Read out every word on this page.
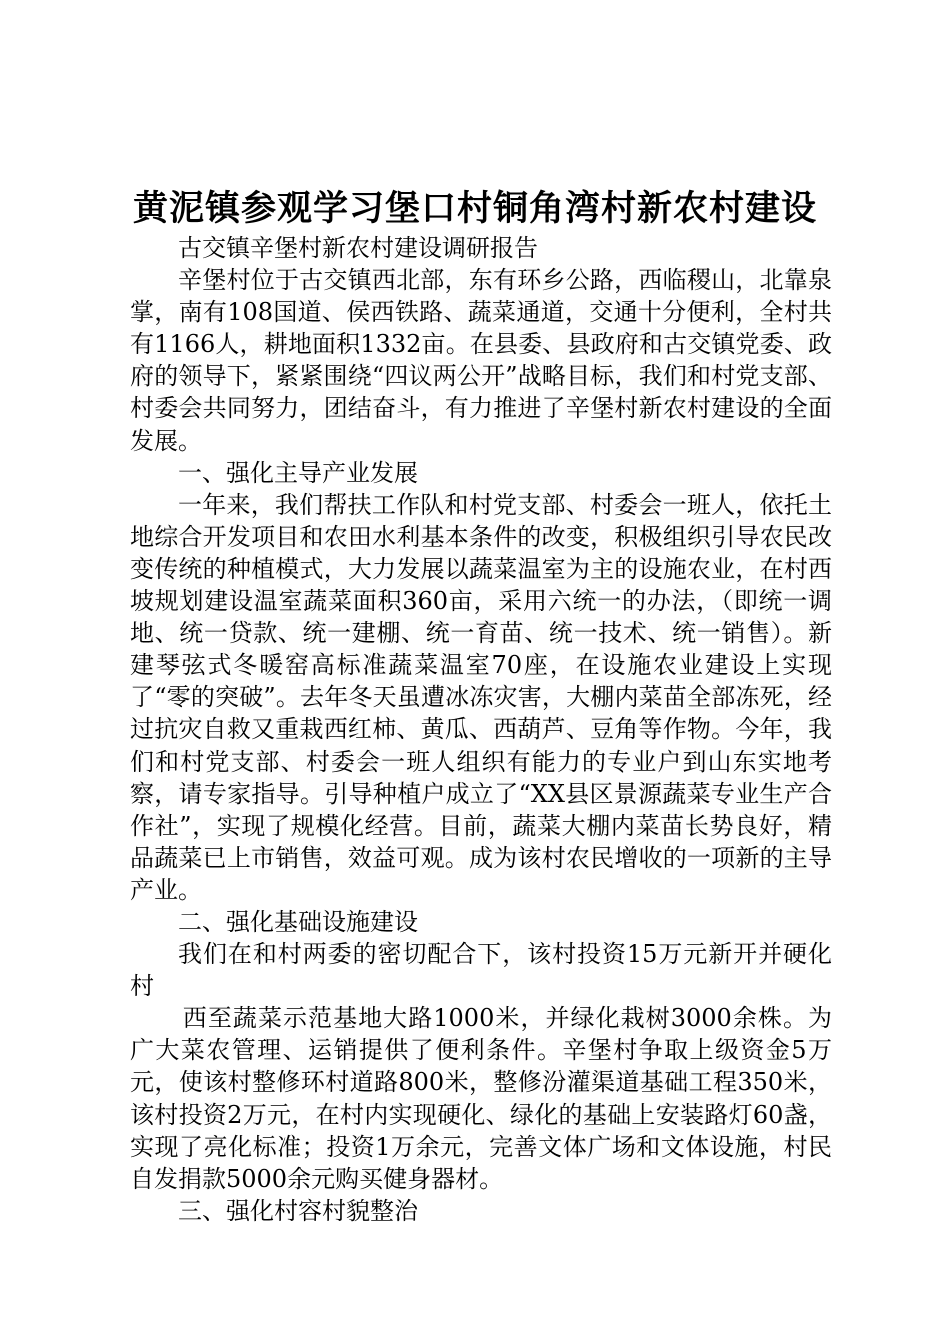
黄泥镇参观学习堡口村铜角湾村新农村建设

古交镇辛堡村新农村建设调研报告

辛堡村位于古交镇西北部，东有环乡公路，西临稷山，北靠泉掌，南有108国道、侯西铁路、蔬菜通道，交通十分便利，全村共有1166人，耕地面积1332亩。在县委、县政府和古交镇党委、政府的领导下，紧紧围绕“四议两公开”战略目标，我们和村党支部、村委会共同努力，团结奋斗，有力推进了辛堡村新农村建设的全面发展。

一、强化主导产业发展

一年来，我们帮扶工作队和村党支部、村委会一班人，依托土地综合开发项目和农田水利基本条件的改变，积极组织引导农民改变传统的种植模式，大力发展以蔬菜温室为主的设施农业，在村西坡规划建设温室蔬菜面积360亩，采用六统一的办法，（即统一调地、统一贷款、统一建棚、统一育苗、统一技术、统一销售）。新建琴弦式冬暖窑高标准蔬菜温室70座，在设施农业建设上实现了“零的突破”。去年冬天虽遭冰冻灾害，大棚内菜苗全部冻死，经过抗灾自救又重栽西红柿、黄瓜、西葫芦、豆角等作物。今年，我们和村党支部、村委会一班人组织有能力的专业户到山东实地考察，请专家指导。引导种植户成立了“XX县区景源蔬菜专业生产合作社”，实现了规模化经营。目前，蔬菜大棚内菜苗长势良好，精品蔬菜已上市销售，效益可观。成为该村农民增收的一项新的主导产业。

二、强化基础设施建设

我们在和村两委的密切配合下，该村投资15万元新开并硬化村

西至蔬菜示范基地大路1000米，并绿化栽树3000余株。为广大菜农管理、运销提供了便利条件。辛堡村争取上级资金5万元，使该村整修环村道路800米，整修汾灌渠道基础工程350米，该村投资2万元，在村内实现硬化、绿化的基础上安装路灯60盏，实现了亮化标准；投资1万余元，完善文体广场和文体设施，村民自发捐款5000余元购买健身器材。

三、强化村容村貌整治
